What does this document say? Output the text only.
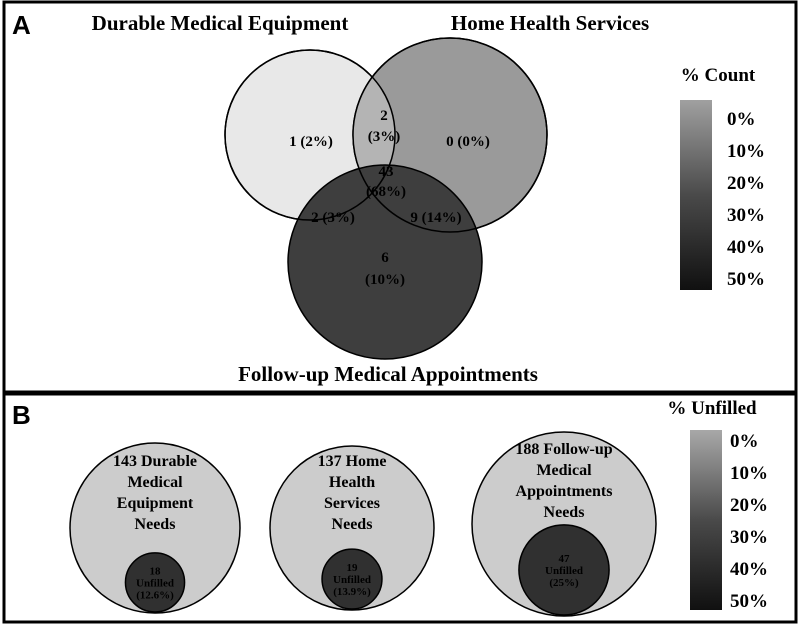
A	Durable Medical Equipment	Home Health Services
Follow-up Medical Appointments
1 (2%)	0 (0%)
2
(3%)
43
(68%)
2 (3%)	9 (14%)
6
(10%)
% Count
0%
10%
20%
30%
40%
50%
B	% Unfilled
0%
10%
20%
30%
40%
50%
143 Durable
Medical
Equipment
Needs
18
Unfilled
(12.6%)
137 Home
Health
Services
Needs
19
Unfilled
(13.9%)
188 Follow-up
Medical
Appointments
Needs
47
Unfilled
(25%)
